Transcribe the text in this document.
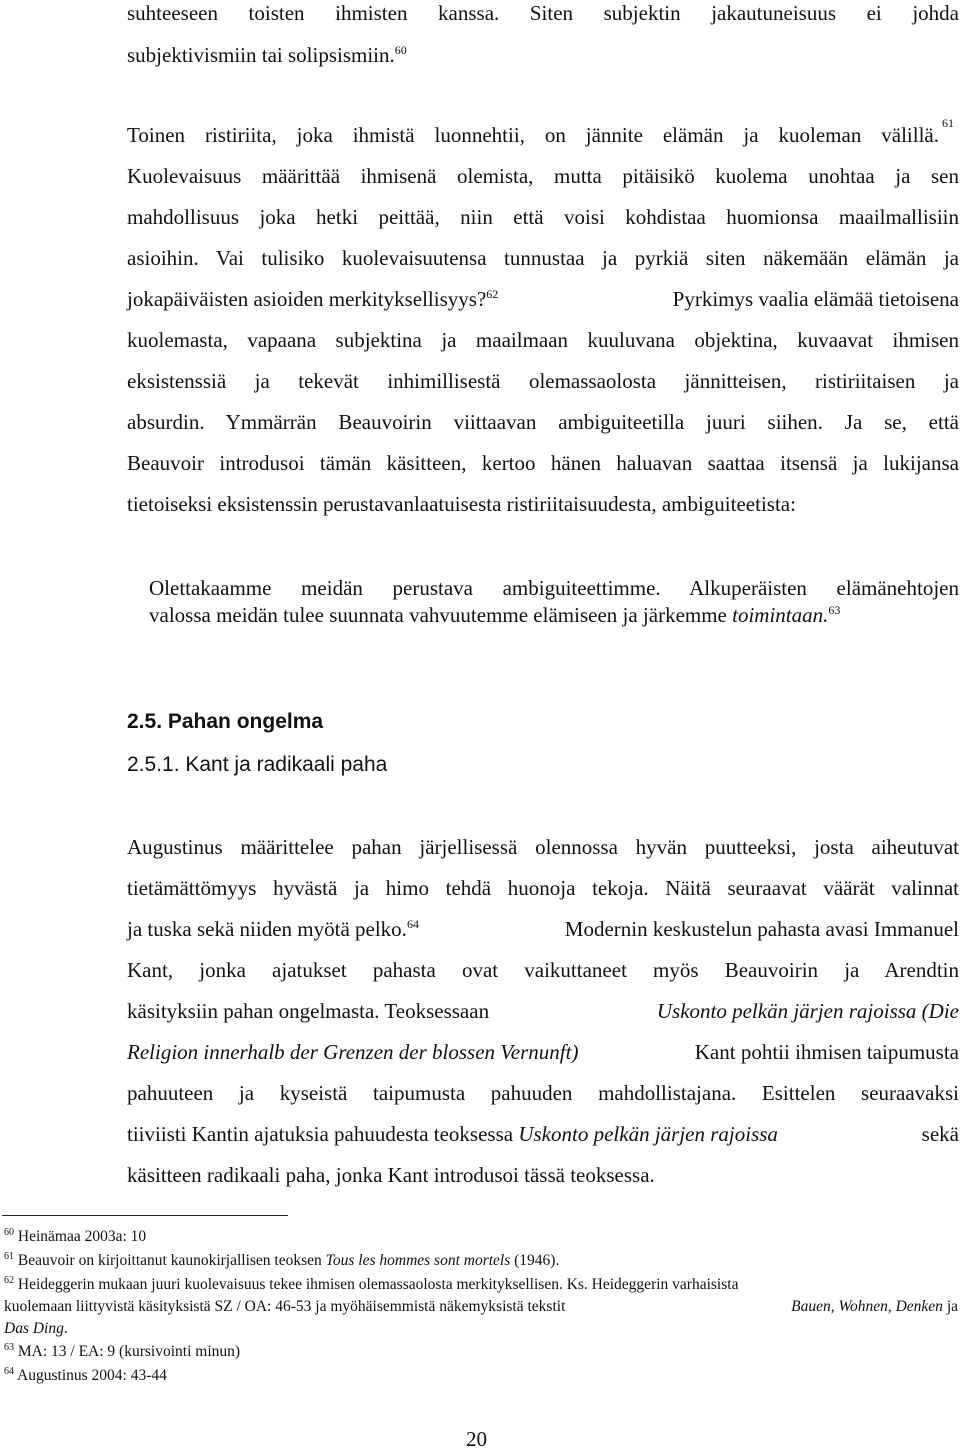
suhteeseen toisten ihmisten kanssa. Siten subjektin jakautuneisuus ei johda
subjektivismiin tai solipsismiin.$^{60}$
Toinen ristiriita, joka ihmistä luonnehtii, on jännite elämän ja kuoleman välillä. 61
Kuolevaisuus määrittää ihmisenä olemista, mutta pitäisikö kuolema unohtaa ja sen
mahdollisuus joka hetki peittää, niin että voisi kohdistaa huomionsa maailmallisiin
asioihin. Vai tulisiko kuolevaisuutensa tunnustaa ja pyrkiä siten näkemään elämän ja
jokapäiväisten asioiden merkityksellisyys?$^{62}$	Pyrkimys vaalia elämää tietoisena
kuolemasta, vapaana subjektina ja maailmaan kuuluvana objektina, kuvaavat ihmisen
eksistenssiä ja tekevät inhimillisestä olemassaolosta jännitteisen, ristiriitaisen ja
absurdin. Ymmärrän Beauvoirin viittaavan ambiguiteetilla juuri siihen. Ja se, että
Beauvoir introdusoi tämän käsitteen, kertoo hänen haluavan saattaa itsensä ja lukijansa
tietoiseksi eksistenssin perustavanlaatuisesta ristiriitaisuudesta, ambiguiteetista:
Olettakaamme meidän perustava ambiguiteettimme. Alkuperäisten elämänehtojen
valossa meidän tulee suunnata vahvuutemme elämiseen ja järkemme toimintaan.$^{63}$
2.5. Pahan ongelma
2.5.1. Kant ja radikaali paha
Augustinus määrittelee pahan järjellisessä olennossa hyvän puutteeksi, josta aiheutuvat
tietämättömyys hyvästä ja himo tehdä huonoja tekoja. Näitä seuraavat väärät valinnat
ja tuska sekä niiden myötä pelko.$^{64}$	Modernin keskustelun pahasta avasi Immanuel
Kant, jonka ajatukset pahasta ovat vaikuttaneet myös Beauvoirin ja Arendtin
käsityksiin pahan ongelmasta. Teoksessaan	Uskonto pelkän järjen rajoissa (Die
Religion innerhalb der Grenzen der blossen Vernunft)	Kant pohtii ihmisen taipumusta
pahuuteen ja kyseistä taipumusta pahuuden mahdollistajana. Esittelen seuraavaksi
tiiviisti Kantin ajatuksia pahuudesta teoksessa Uskonto pelkän järjen rajoissa	sekä
käsitteen radikaali paha, jonka Kant introdusoi tässä teoksessa.
$^{60}$ Heinämaa 2003a: 10
$^{61}$ Beauvoir on kirjoittanut kaunokirjallisen teoksen Tous les hommes sont mortels (1946).
$^{62}$ Heideggerin mukaan juuri kuolevaisuus tekee ihmisen olemassaolosta merkityksellisen. Ks. Heideggerin varhaisista
kuolemaan liittyvistä käsityksistä SZ / OA: 46-53 ja myöhäisemmistä näkemyksistä tekstit	Bauen, Wohnen, Denken ja
Das Ding.
$^{63}$ MA: 13 / EA: 9 (kursivointi minun)
$^{64}$ Augustinus 2004: 43-44
20
